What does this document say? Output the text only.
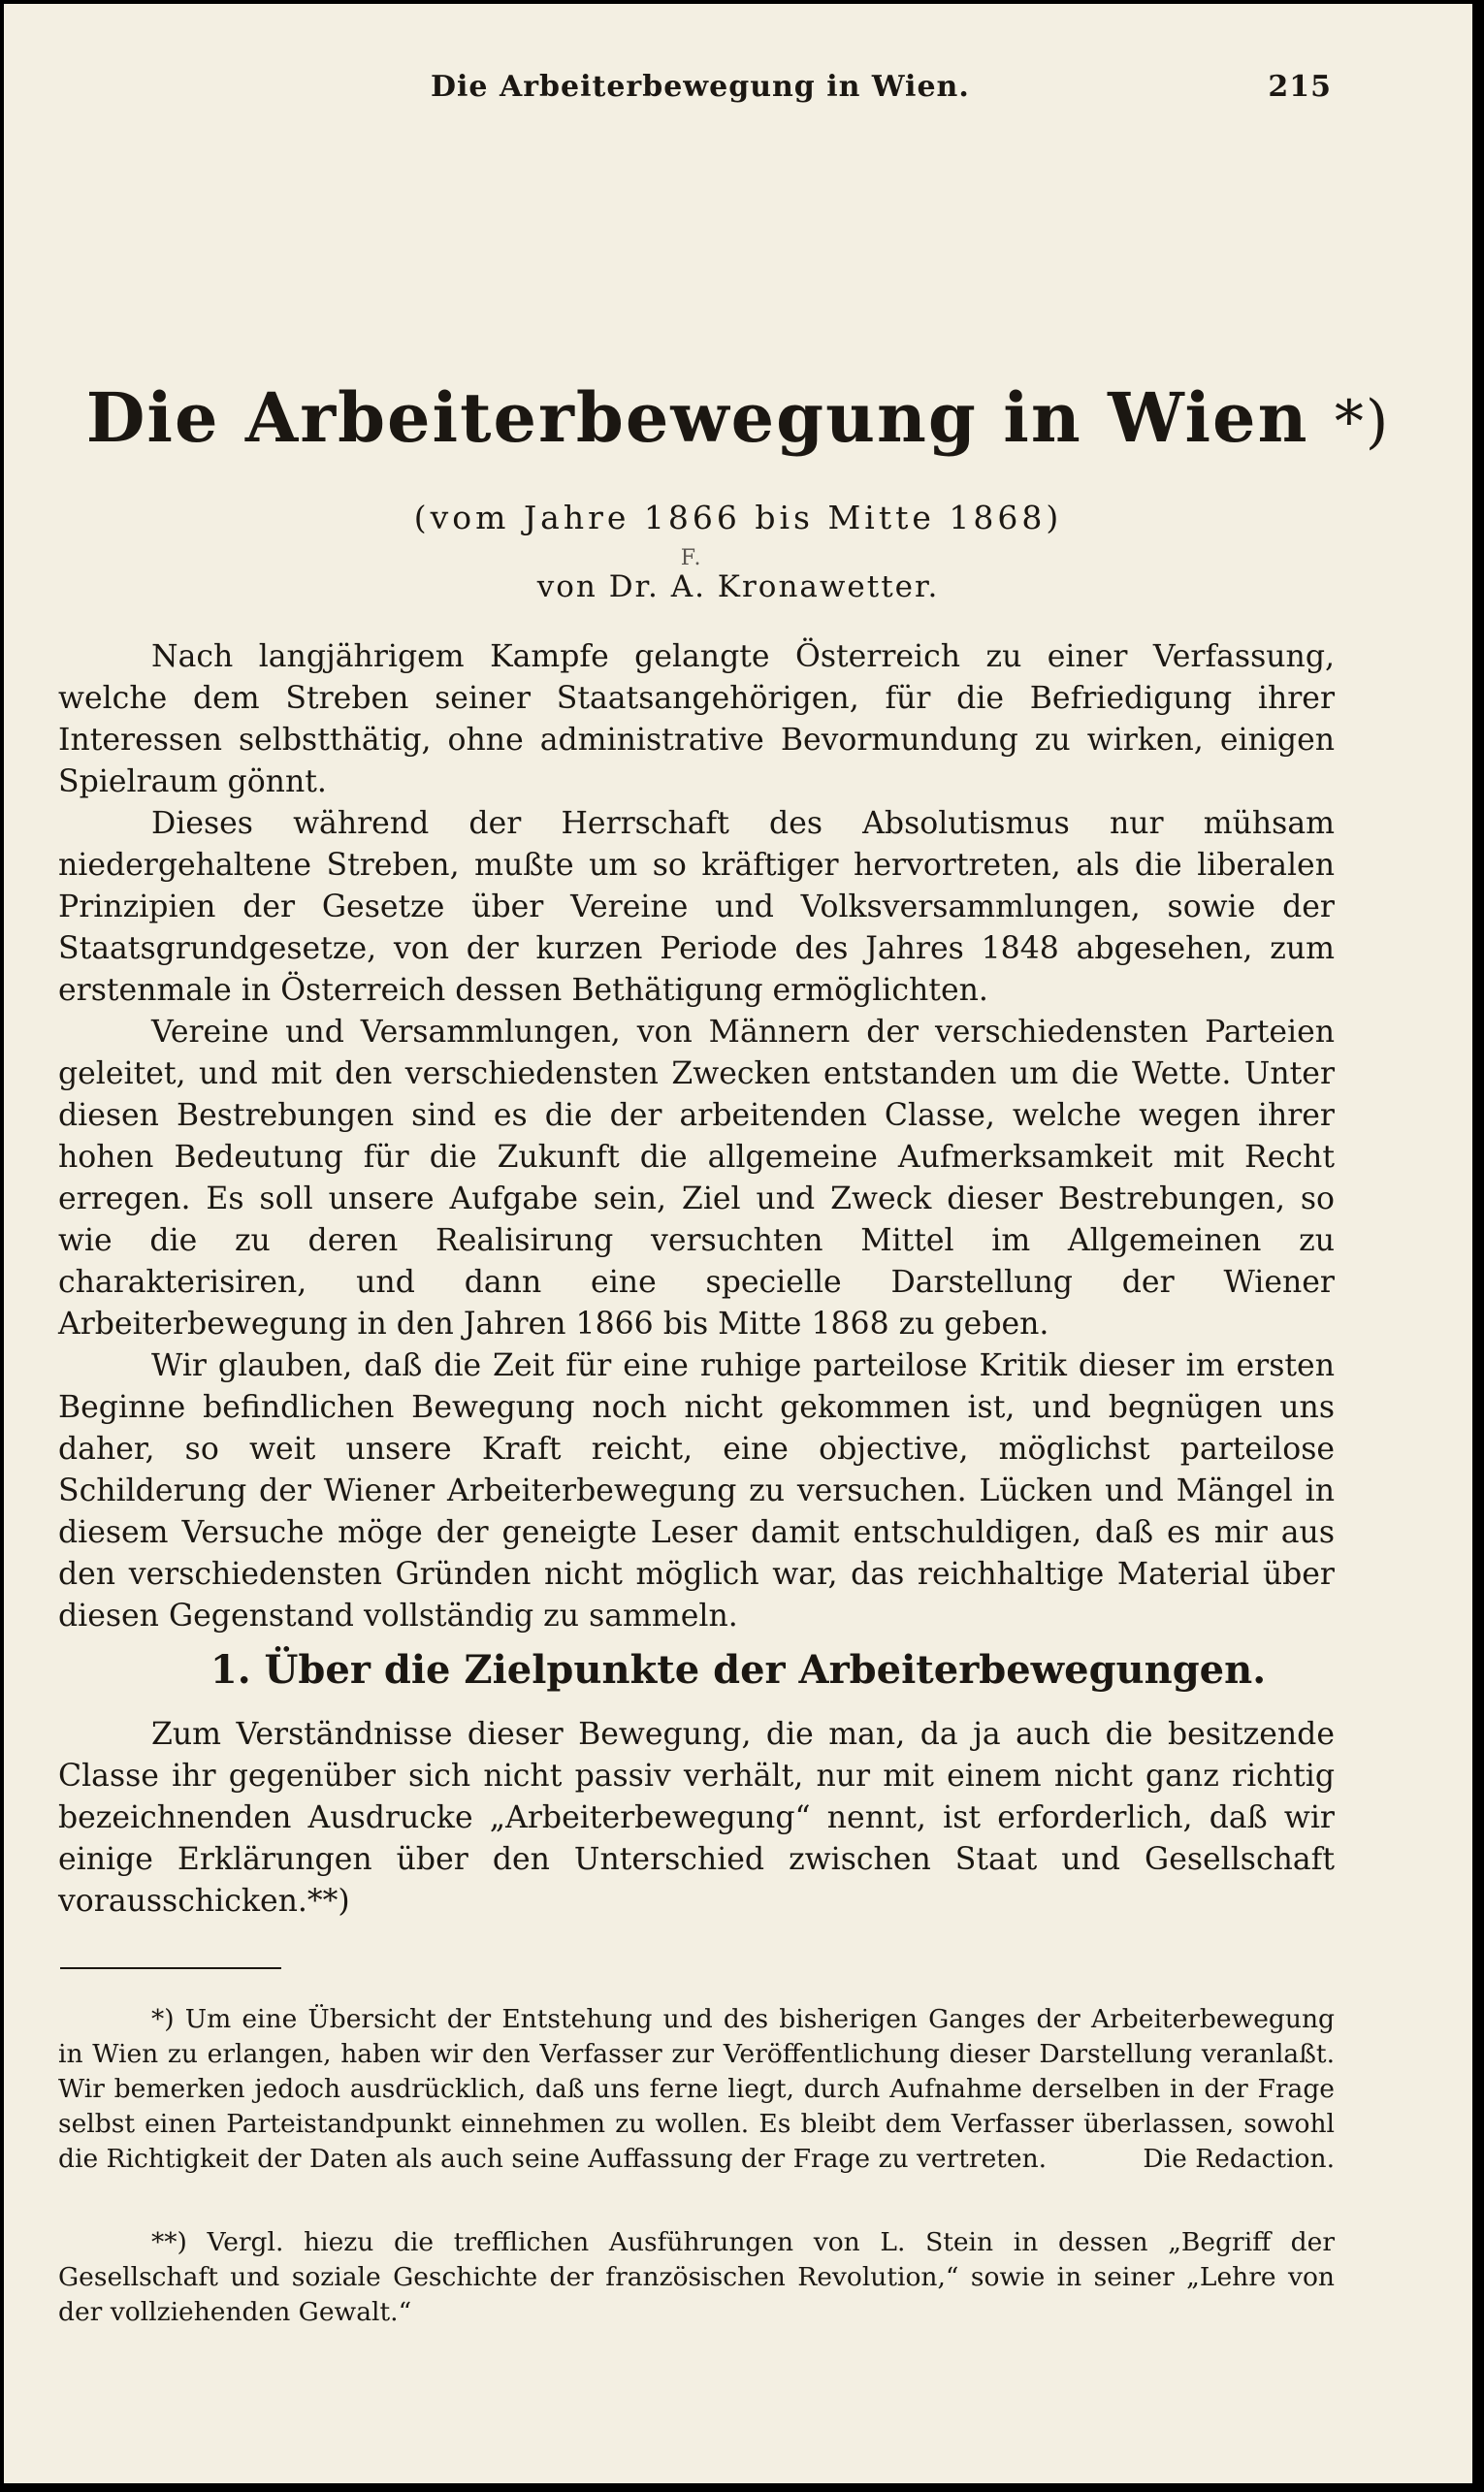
Die Arbeiterbewegung in Wien.	215
Die Arbeiterbewegung in Wien *)
(vom Jahre 1866 bis Mitte 1868)
von Dr.
F.
A. Kronawetter.

Nach langjährigem Kampfe gelangte Österreich zu einer Verfassung, welche dem Streben seiner Staatsangehörigen, für die Befriedigung ihrer Interessen selbstthätig, ohne administrative Bevormundung zu wirken, einigen Spielraum gönnt.

Dieses während der Herrschaft des Absolutismus nur mühsam niedergehaltene Streben, mußte um so kräftiger hervortreten, als die liberalen Prinzipien der Gesetze über Vereine und Volksversammlungen, sowie der Staatsgrundgesetze, von der kurzen Periode des Jahres 1848 abgesehen, zum erstenmale in Österreich dessen Bethätigung ermöglichten.

Vereine und Versammlungen, von Männern der verschiedensten Parteien geleitet, und mit den verschiedensten Zwecken entstanden um die Wette. Unter diesen Bestrebungen sind es die der arbeitenden Classe, welche wegen ihrer hohen Bedeutung für die Zukunft die allgemeine Aufmerksamkeit mit Recht erregen. Es soll unsere Aufgabe sein, Ziel und Zweck dieser Bestrebungen, so wie die zu deren Realisirung versuchten Mittel im Allgemeinen zu charakterisiren, und dann eine specielle Darstellung der Wiener Arbeiterbewegung in den Jahren 1866 bis Mitte 1868 zu geben.

Wir glauben, daß die Zeit für eine ruhige parteilose Kritik dieser im ersten Beginne befindlichen Bewegung noch nicht gekommen ist, und begnügen uns daher, so weit unsere Kraft reicht, eine objective, möglichst parteilose Schilderung der Wiener Arbeiterbewegung zu versuchen. Lücken und Mängel in diesem Versuche möge der geneigte Leser damit entschuldigen, daß es mir aus den verschiedensten Gründen nicht möglich war, das reichhaltige Material über diesen Gegenstand vollständig zu sammeln.

1. Über die Zielpunkte der Arbeiterbewegungen.

Zum Verständnisse dieser Bewegung, die man, da ja auch die besitzende Classe ihr gegenüber sich nicht passiv verhält, nur mit einem nicht ganz richtig bezeichnenden Ausdrucke „Arbeiterbewegung“ nennt, ist erforderlich, daß wir einige Erklärungen über den Unterschied zwischen Staat und Gesellschaft vorausschicken.**)

*) Um eine Übersicht der Entstehung und des bisherigen Ganges der Arbeiterbewegung in Wien zu erlangen, haben wir den Verfasser zur Veröffentlichung dieser Darstellung veranlaßt. Wir bemerken jedoch ausdrücklich, daß uns ferne liegt, durch Aufnahme derselben in der Frage selbst einen Parteistandpunkt einnehmen zu wollen. Es bleibt dem Verfasser überlassen, sowohl die Richtigkeit der Daten als auch seine Auffassung der Frage zu vertreten.	Die Redaction.

**) Vergl. hiezu die trefflichen Ausführungen von L. Stein in dessen „Begriff der Gesellschaft und soziale Geschichte der französischen Revolution,“ sowie in seiner „Lehre von der vollziehenden Gewalt.“
